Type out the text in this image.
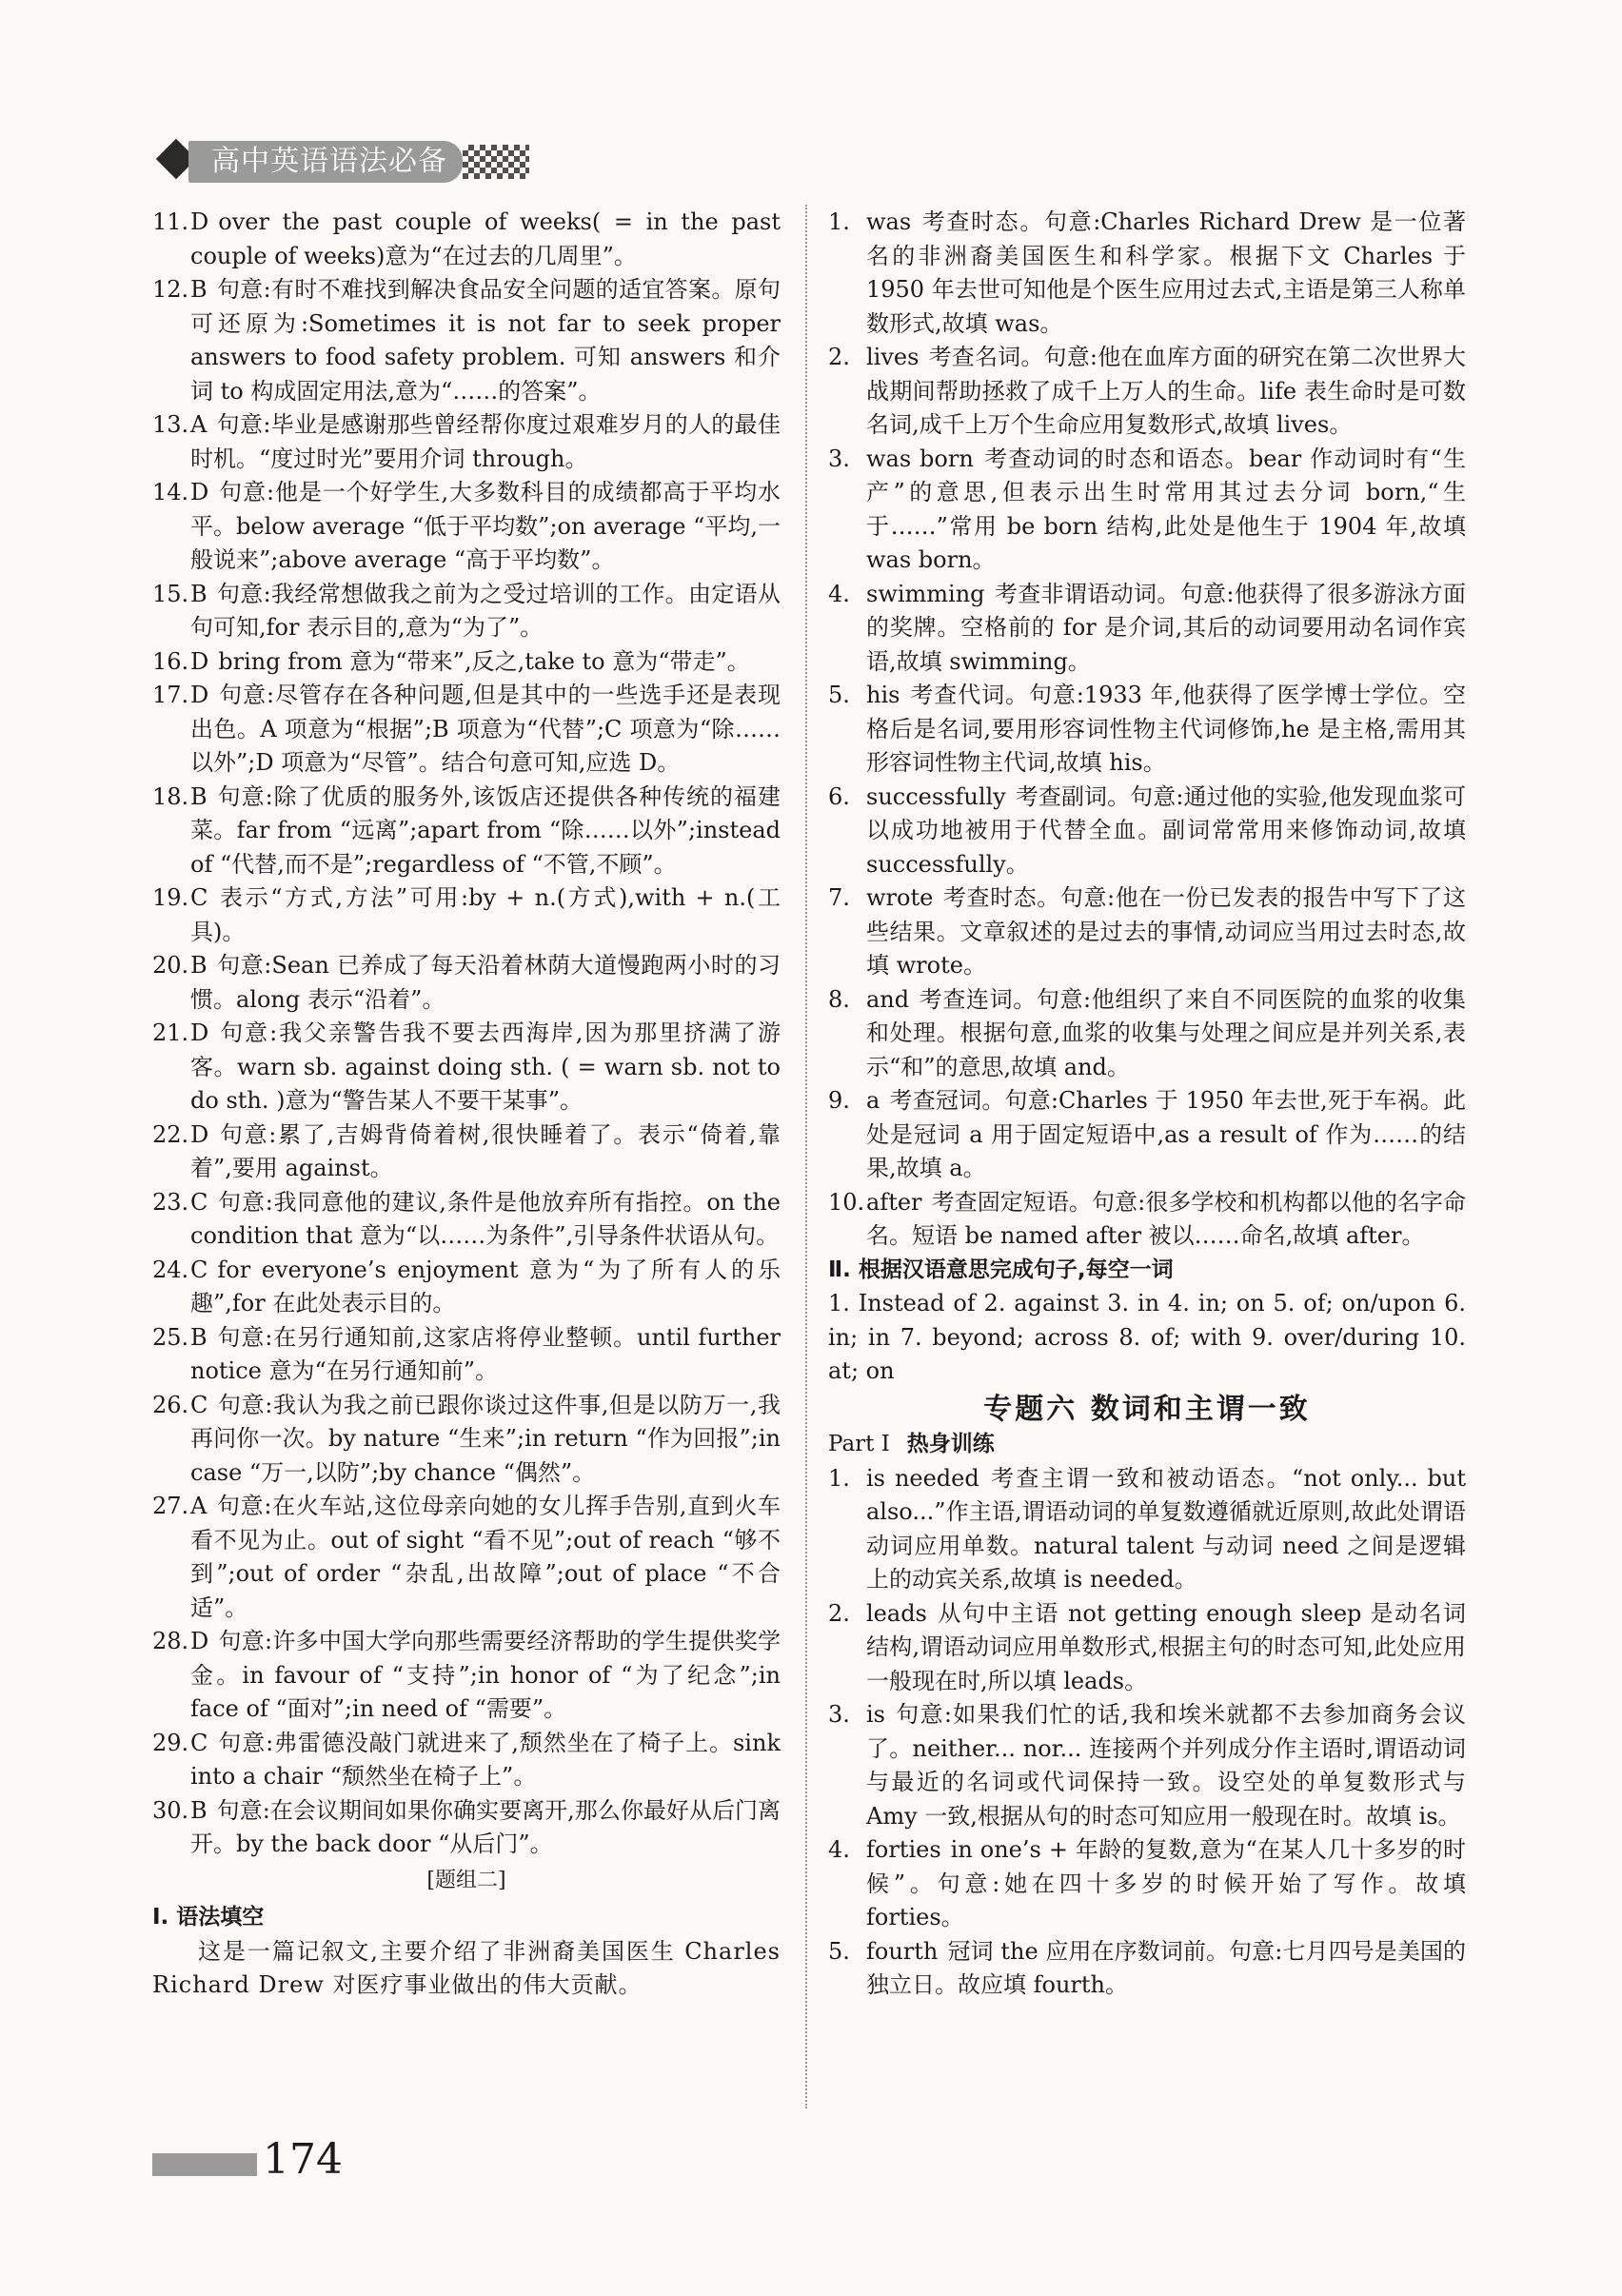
高中英语语法必备
11. D over the past couple of weeks( = in the past couple of weeks)意为“在过去的几周里”。
12. B 句意:有时不难找到解决食品安全问题的适宜答案。原句可还原为:Sometimes it is not far to seek proper answers to food safety problem. 可知 answers 和介词 to 构成固定用法,意为“……的答案”。
13. A 句意:毕业是感谢那些曾经帮你度过艰难岁月的人的最佳时机。“度过时光”要用介词 through。
14. D 句意:他是一个好学生,大多数科目的成绩都高于平均水平。below average “低于平均数”;on average “平均,一般说来”;above average “高于平均数”。
15. B 句意:我经常想做我之前为之受过培训的工作。由定语从句可知,for 表示目的,意为“为了”。
16. D bring from 意为“带来”,反之,take to 意为“带走”。
17. D 句意:尽管存在各种问题,但是其中的一些选手还是表现出色。A 项意为“根据”;B 项意为“代替”;C 项意为“除……以外”;D 项意为“尽管”。结合句意可知,应选 D。
18. B 句意:除了优质的服务外,该饭店还提供各种传统的福建菜。far from “远离”;apart from “除……以外”;instead of “代替,而不是”;regardless of “不管,不顾”。
19. C 表示“方式,方法”可用:by + n.(方式),with + n.(工具)。
20. B 句意:Sean 已养成了每天沿着林荫大道慢跑两小时的习惯。along 表示“沿着”。
21. D 句意:我父亲警告我不要去西海岸,因为那里挤满了游客。warn sb. against doing sth. ( = warn sb. not to do sth. )意为“警告某人不要干某事”。
22. D 句意:累了,吉姆背倚着树,很快睡着了。表示“倚着,靠着”,要用 against。
23. C 句意:我同意他的建议,条件是他放弃所有指控。on the condition that 意为“以……为条件”,引导条件状语从句。
24. C for everyone’s enjoyment 意为“为了所有人的乐趣”,for 在此处表示目的。
25. B 句意:在另行通知前,这家店将停业整顿。until further notice 意为“在另行通知前”。
26. C 句意:我认为我之前已跟你谈过这件事,但是以防万一,我再问你一次。by nature “生来”;in return “作为回报”;in case “万一,以防”;by chance “偶然”。
27. A 句意:在火车站,这位母亲向她的女儿挥手告别,直到火车看不见为止。out of sight “看不见”;out of reach “够不到”;out of order “杂乱,出故障”;out of place “不合适”。
28. D 句意:许多中国大学向那些需要经济帮助的学生提供奖学金。in favour of “支持”;in honor of “为了纪念”;in face of “面对”;in need of “需要”。
29. C 句意:弗雷德没敲门就进来了,颓然坐在了椅子上。sink into a chair “颓然坐在椅子上”。
30. B 句意:在会议期间如果你确实要离开,那么你最好从后门离开。by the back door “从后门”。
[题组二]
Ⅰ. 语法填空
这是一篇记叙文,主要介绍了非洲裔美国医生 Charles Richard Drew 对医疗事业做出的伟大贡献。
1. was 考查时态。句意:Charles Richard Drew 是一位著名的非洲裔美国医生和科学家。根据下文 Charles 于 1950 年去世可知他是个医生应用过去式,主语是第三人称单数形式,故填 was。
2. lives 考查名词。句意:他在血库方面的研究在第二次世界大战期间帮助拯救了成千上万人的生命。life 表生命时是可数名词,成千上万个生命应用复数形式,故填 lives。
3. was born 考查动词的时态和语态。bear 作动词时有“生产”的意思,但表示出生时常用其过去分词 born,“生于……”常用 be born 结构,此处是他生于 1904 年,故填 was born。
4. swimming 考查非谓语动词。句意:他获得了很多游泳方面的奖牌。空格前的 for 是介词,其后的动词要用动名词作宾语,故填 swimming。
5. his 考查代词。句意:1933 年,他获得了医学博士学位。空格后是名词,要用形容词性物主代词修饰,he 是主格,需用其形容词性物主代词,故填 his。
6. successfully 考查副词。句意:通过他的实验,他发现血浆可以成功地被用于代替全血。副词常常用来修饰动词,故填 successfully。
7. wrote 考查时态。句意:他在一份已发表的报告中写下了这些结果。文章叙述的是过去的事情,动词应当用过去时态,故填 wrote。
8. and 考查连词。句意:他组织了来自不同医院的血浆的收集和处理。根据句意,血浆的收集与处理之间应是并列关系,表示“和”的意思,故填 and。
9. a 考查冠词。句意:Charles 于 1950 年去世,死于车祸。此处是冠词 a 用于固定短语中,as a result of 作为……的结果,故填 a。
10. after 考查固定短语。句意:很多学校和机构都以他的名字命名。短语 be named after 被以……命名,故填 after。
Ⅱ. 根据汉语意思完成句子,每空一词
1. Instead of 2. against 3. in 4. in; on 5. of; on/upon 6. in; in 7. beyond; across 8. of; with 9. over/during 10. at; on
专题六 数词和主谓一致
Part Ⅰ 热身训练
1. is needed 考查主谓一致和被动语态。“not only... but also...”作主语,谓语动词的单复数遵循就近原则,故此处谓语动词应用单数。natural talent 与动词 need 之间是逻辑上的动宾关系,故填 is needed。
2. leads 从句中主语 not getting enough sleep 是动名词结构,谓语动词应用单数形式,根据主句的时态可知,此处应用一般现在时,所以填 leads。
3. is 句意:如果我们忙的话,我和埃米就都不去参加商务会议了。neither... nor... 连接两个并列成分作主语时,谓语动词与最近的名词或代词保持一致。设空处的单复数形式与 Amy 一致,根据从句的时态可知应用一般现在时。故填 is。
4. forties in one’s + 年龄的复数,意为“在某人几十多岁的时候”。句意:她在四十多岁的时候开始了写作。故填 forties。
5. fourth 冠词 the 应用在序数词前。句意:七月四号是美国的独立日。故应填 fourth。
174
